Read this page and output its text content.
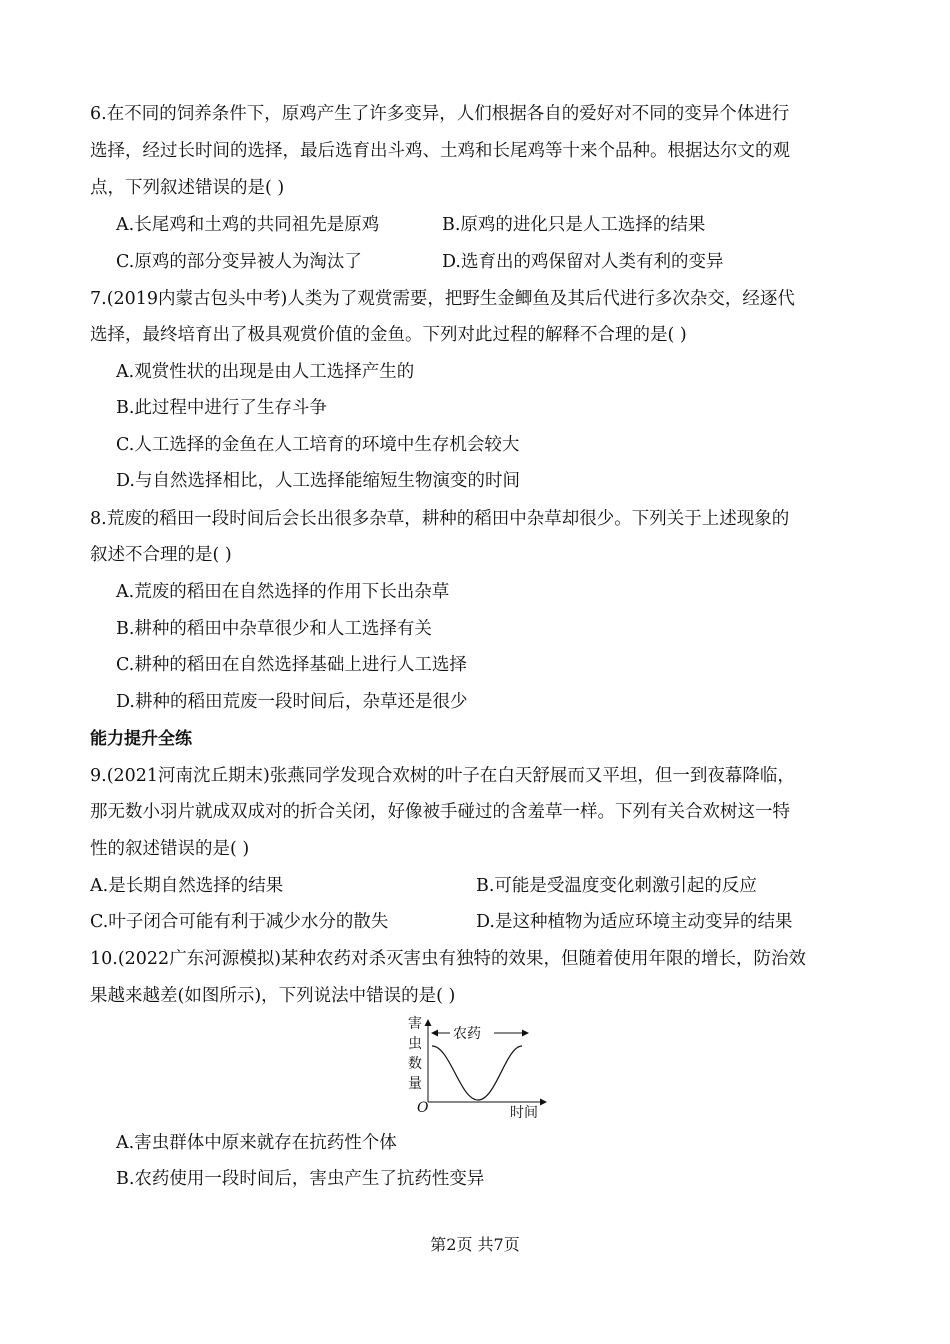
6.在不同的饲养条件下，原鸡产生了许多变异，人们根据各自的爱好对不同的变异个体进行
选择，经过长时间的选择，最后选育出斗鸡、土鸡和长尾鸡等十来个品种。根据达尔文的观
点，下列叙述错误的是( )
A.长尾鸡和土鸡的共同祖先是原鸡	B.原鸡的进化只是人工选择的结果
C.原鸡的部分变异被人为淘汰了	D.选育出的鸡保留对人类有利的变异
7.(2019内蒙古包头中考)人类为了观赏需要，把野生金鲫鱼及其后代进行多次杂交，经逐代
选择，最终培育出了极具观赏价值的金鱼。下列对此过程的解释不合理的是( )
A.观赏性状的出现是由人工选择产生的
B.此过程中进行了生存斗争
C.人工选择的金鱼在人工培育的环境中生存机会较大
D.与自然选择相比，人工选择能缩短生物演变的时间
8.荒废的稻田一段时间后会长出很多杂草，耕种的稻田中杂草却很少。下列关于上述现象的
叙述不合理的是( )
A.荒废的稻田在自然选择的作用下长出杂草
B.耕种的稻田中杂草很少和人工选择有关
C.耕种的稻田在自然选择基础上进行人工选择
D.耕种的稻田荒废一段时间后，杂草还是很少
能力提升全练
9.(2021河南沈丘期末)张燕同学发现合欢树的叶子在白天舒展而又平坦，但一到夜幕降临，
那无数小羽片就成双成对的折合关闭，好像被手碰过的含羞草一样。下列有关合欢树这一特
性的叙述错误的是( )
A.是长期自然选择的结果	B.可能是受温度变化刺激引起的反应
C.叶子闭合可能有利于减少水分的散失	D.是这种植物为适应环境主动变异的结果
10.(2022广东河源模拟)某种农药对杀灭害虫有独特的效果，但随着使用年限的增长，防治效
果越来越差(如图所示)，下列说法中错误的是( )
害
虫
数
量
O	时间
农药
A.害虫群体中原来就存在抗药性个体
B.农药使用一段时间后，害虫产生了抗药性变异
第2页 共7页
